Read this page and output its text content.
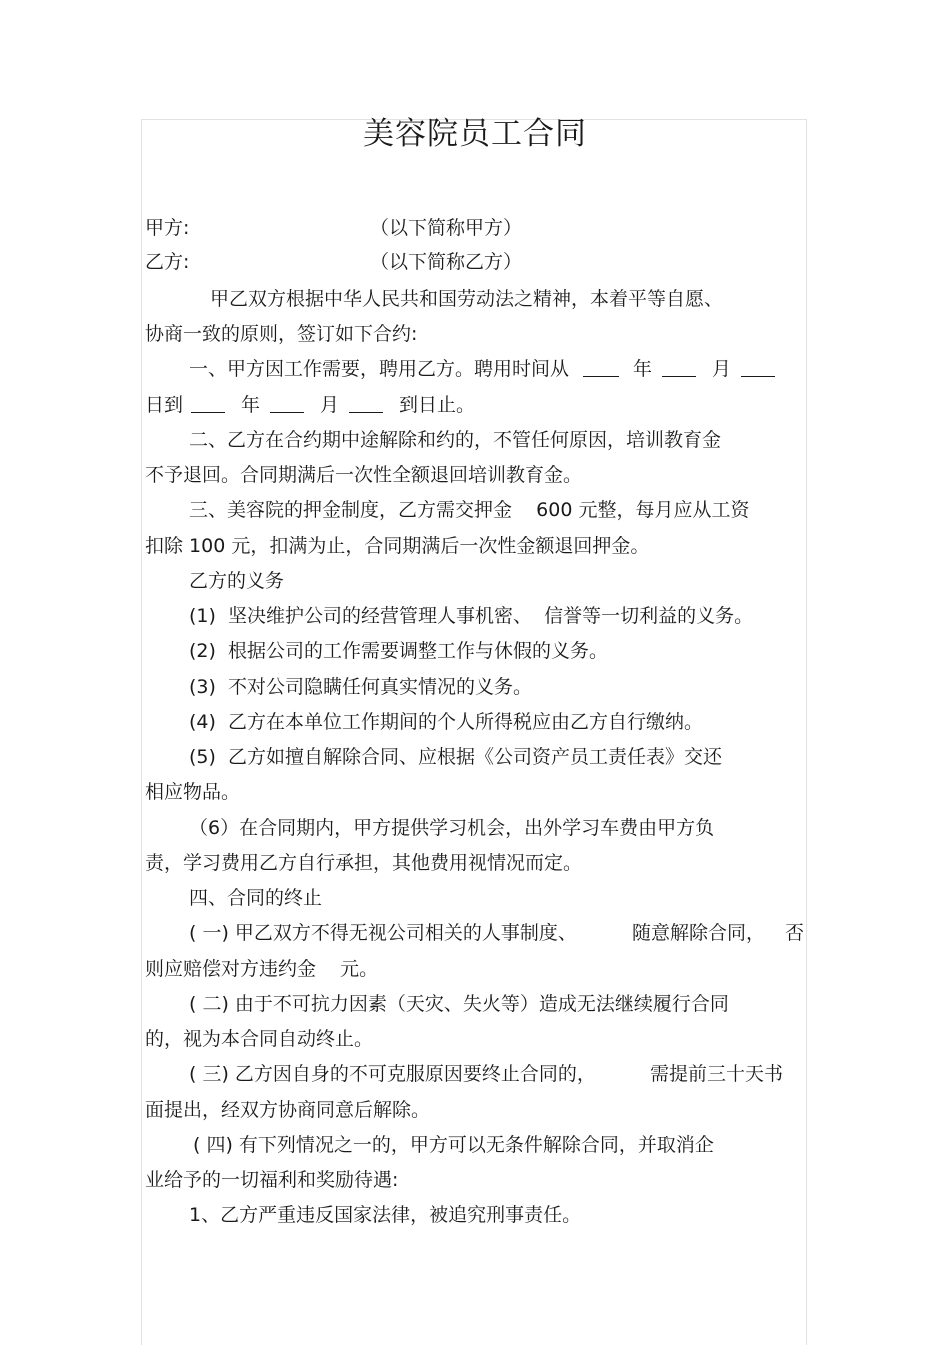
美容院员工合同
甲方:	（以下简称甲方）
乙方:	（以下简称乙方）
甲乙双方根据中华人民共和国劳动法之精神，本着平等自愿、
协商一致的原则，签订如下合约:
一、甲方因工作需要，聘用乙方。聘用时间从	年	月
日到	年	月	到日止。
二、乙方在合约期中途解除和约的，不管任何原因，培训教育金
不予退回。合同期满后一次性全额退回培训教育金。
三、美容院的押金制度，乙方需交押金    600 元整，每月应从工资
扣除 100 元，扣满为止，合同期满后一次性金额退回押金。
乙方的义务
(1)  坚决维护公司的经营管理人事机密、  信誉等一切利益的义务。
(2)  根据公司的工作需要调整工作与休假的义务。
(3)  不对公司隐瞒任何真实情况的义务。
(4)  乙方在本单位工作期间的个人所得税应由乙方自行缴纳。
(5)  乙方如擅自解除合同、应根据《公司资产员工责任表》交还
相应物品。
（6）在合同期内，甲方提供学习机会，出外学习车费由甲方负
责，学习费用乙方自行承担，其他费用视情况而定。
四、合同的终止
( 一) 甲乙双方不得无视公司相关的人事制度、	随意解除合同， 否
则应赔偿对方违约金    元。
( 二) 由于不可抗力因素（天灾、失火等）造成无法继续履行合同
的，视为本合同自动终止。
( 三) 乙方因自身的不可克服原因要终止合同的，	需提前三十天书
面提出，经双方协商同意后解除。
( 四) 有下列情况之一的，甲方可以无条件解除合同，并取消企
业给予的一切福利和奖励待遇:
1、乙方严重违反国家法律，被追究刑事责任。
